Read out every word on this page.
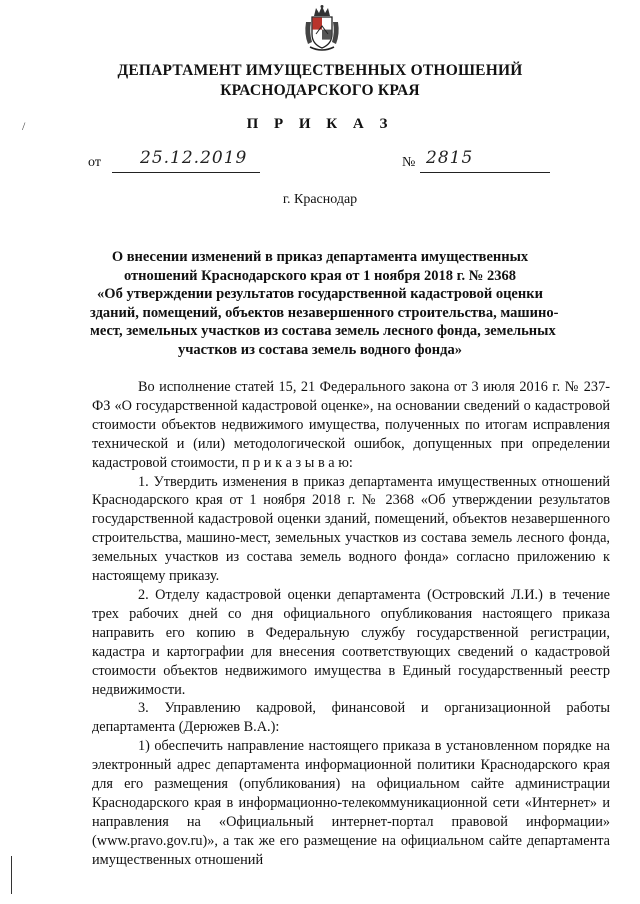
ДЕПАРТАМЕНТ ИМУЩЕСТВЕННЫХ ОТНОШЕНИЙ
КРАСНОДАРСКОГО КРАЯ
/	П Р И К А З
от 25.12.2019	№ 2815
г. Краснодар
О внесении изменений в приказ департамента имущественных
отношений Краснодарского края от 1 ноября 2018 г. № 2368
«Об утверждении результатов государственной кадастровой оценки
зданий, помещений, объектов незавершенного строительства, машино-
мест, земельных участков из состава земель лесного фонда, земельных
участков из состава земель водного фонда»

Во исполнение статей 15, 21 Федерального закона от 3 июля 2016 г. № 237-ФЗ «О государственной кадастровой оценке», на основании сведений о кадастровой стоимости объектов недвижимого имущества, полученных по итогам исправления технической и (или) методологической ошибок, допущенных при определении кадастровой стоимости, п р и к а з ы в а ю:

1. Утвердить изменения в приказ департамента имущественных отношений Краснодарского края от 1 ноября 2018 г. № 2368 «Об утверждении результатов государственной кадастровой оценки зданий, помещений, объектов незавершенного строительства, машино-мест, земельных участков из состава земель лесного фонда, земельных участков из состава земель водного фонда» согласно приложению к настоящему приказу.

2. Отделу кадастровой оценки департамента (Островский Л.И.) в течение трех рабочих дней со дня официального опубликования настоящего приказа направить его копию в Федеральную службу государственной регистрации, кадастра и картографии для внесения соответствующих сведений о кадастровой стоимости объектов недвижимого имущества в Единый государственный реестр недвижимости.

3. Управлению кадровой, финансовой и организационной работы департамента (Дерюжев В.А.):

1) обеспечить направление настоящего приказа в установленном порядке на электронный адрес департамента информационной политики Краснодарского края для его размещения (опубликования) на официальном сайте администрации Краснодарского края в информационно-телекоммуникационной сети «Интернет» и направления на «Официальный интернет-портал правовой информации» (www.pravo.gov.ru)», а так же его размещение на официальном сайте департамента имущественных отношений
